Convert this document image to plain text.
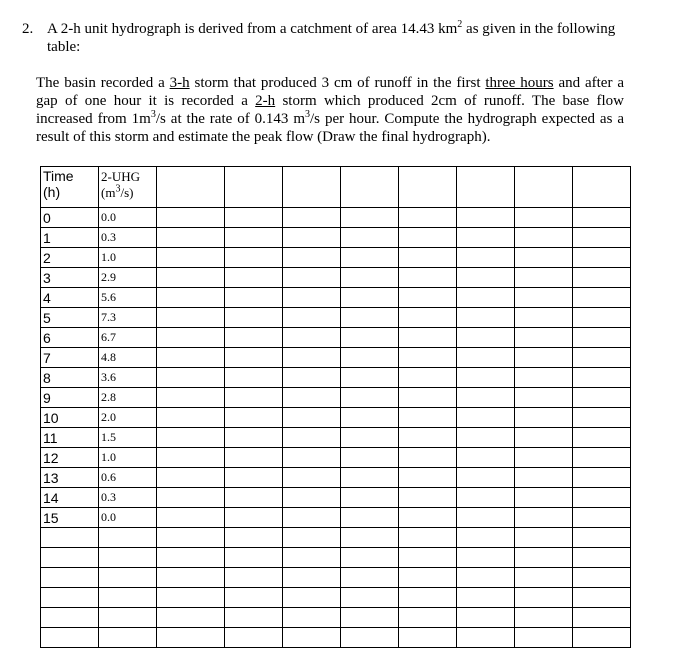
2. A 2-h unit hydrograph is derived from a catchment of area 14.43 $km^2$ as given in the following table:
The basin recorded a 3-h storm that produced 3 cm of runoff in the first three hours and after a gap of one hour it is recorded a 2-h storm which produced 2cm of runoff. The base flow increased from $1m^3/s$ at the rate of 0.143 $m^3/s$ per hour. Compute the hydrograph expected as a result of this storm and estimate the peak flow (Draw the final hydrograph).
Time
(h)	2-UHG
$(m^3/s)$								
0	0.0								
1	0.3								
2	1.0								
3	2.9								
4	5.6								
5	7.3								
6	6.7								
7	4.8								
8	3.6								
9	2.8								
10	2.0								
11	1.5								
12	1.0								
13	0.6								
14	0.3								
15	0.0								
